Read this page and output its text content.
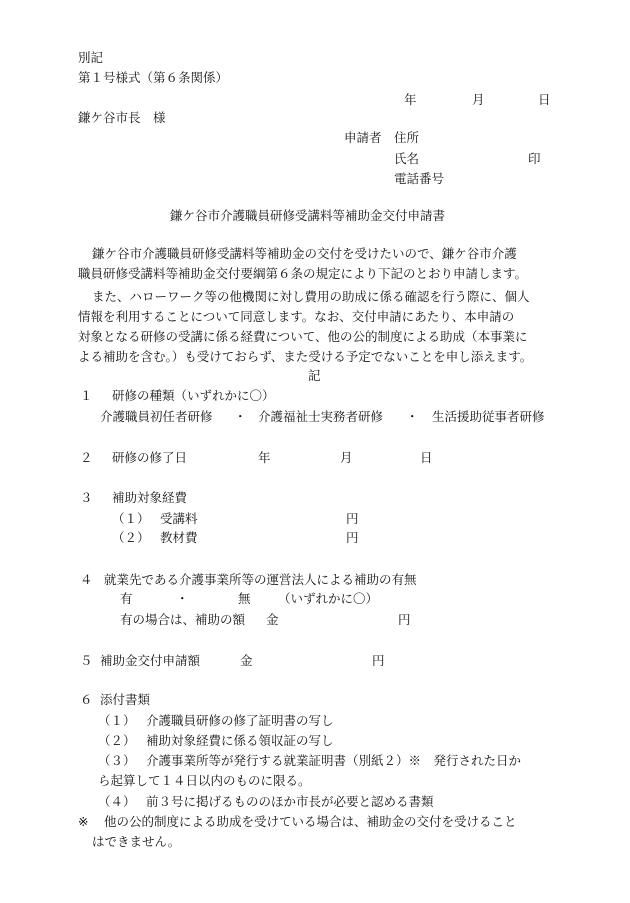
別記
第１号様式（第６条関係）
年	月	日
鎌ケ谷市長　様
申請者 住所
氏名	印
電話番号
鎌ケ谷市介護職員研修受講料等補助金交付申請書
鎌ケ谷市介護職員研修受講料等補助金の交付を受けたいので、鎌ケ谷市介護
職員研修受講料等補助金交付要綱第６条の規定により下記のとおり申請します。
また、ハローワーク等の他機関に対し費用の助成に係る確認を行う際に、個人
情報を利用することについて同意します。なお、交付申請にあたり、本申請の
対象となる研修の受講に係る経費について、他の公的制度による助成（本事業に
よる補助を含む。）も受けておらず、また受ける予定でないことを申し添えます。
記
１ 研修の種類（いずれかに〇）
介護職員初任者研修 ・ 介護福祉士実務者研修 ・ 生活援助従事者研修
２ 研修の修了日	年	月	日
３ 補助対象経費
（１） 受講料	円
（２） 教材費	円
４ 就業先である介護事業所等の運営法人による補助の有無
有	・	無 （いずれかに〇）
有の場合は、補助の額 金	円
５ 補助金交付申請額	金	円
６ 添付書類
（１） 介護職員研修の修了証明書の写し
（２） 補助対象経費に係る領収証の写し
（３） 介護事業所等が発行する就業証明書（別紙２）※　発行された日か
ら起算して１４日以内のものに限る。
（４） 前３号に掲げるもののほか市長が必要と認める書類
※ 他の公的制度による助成を受けている場合は、補助金の交付を受けること
はできません。
